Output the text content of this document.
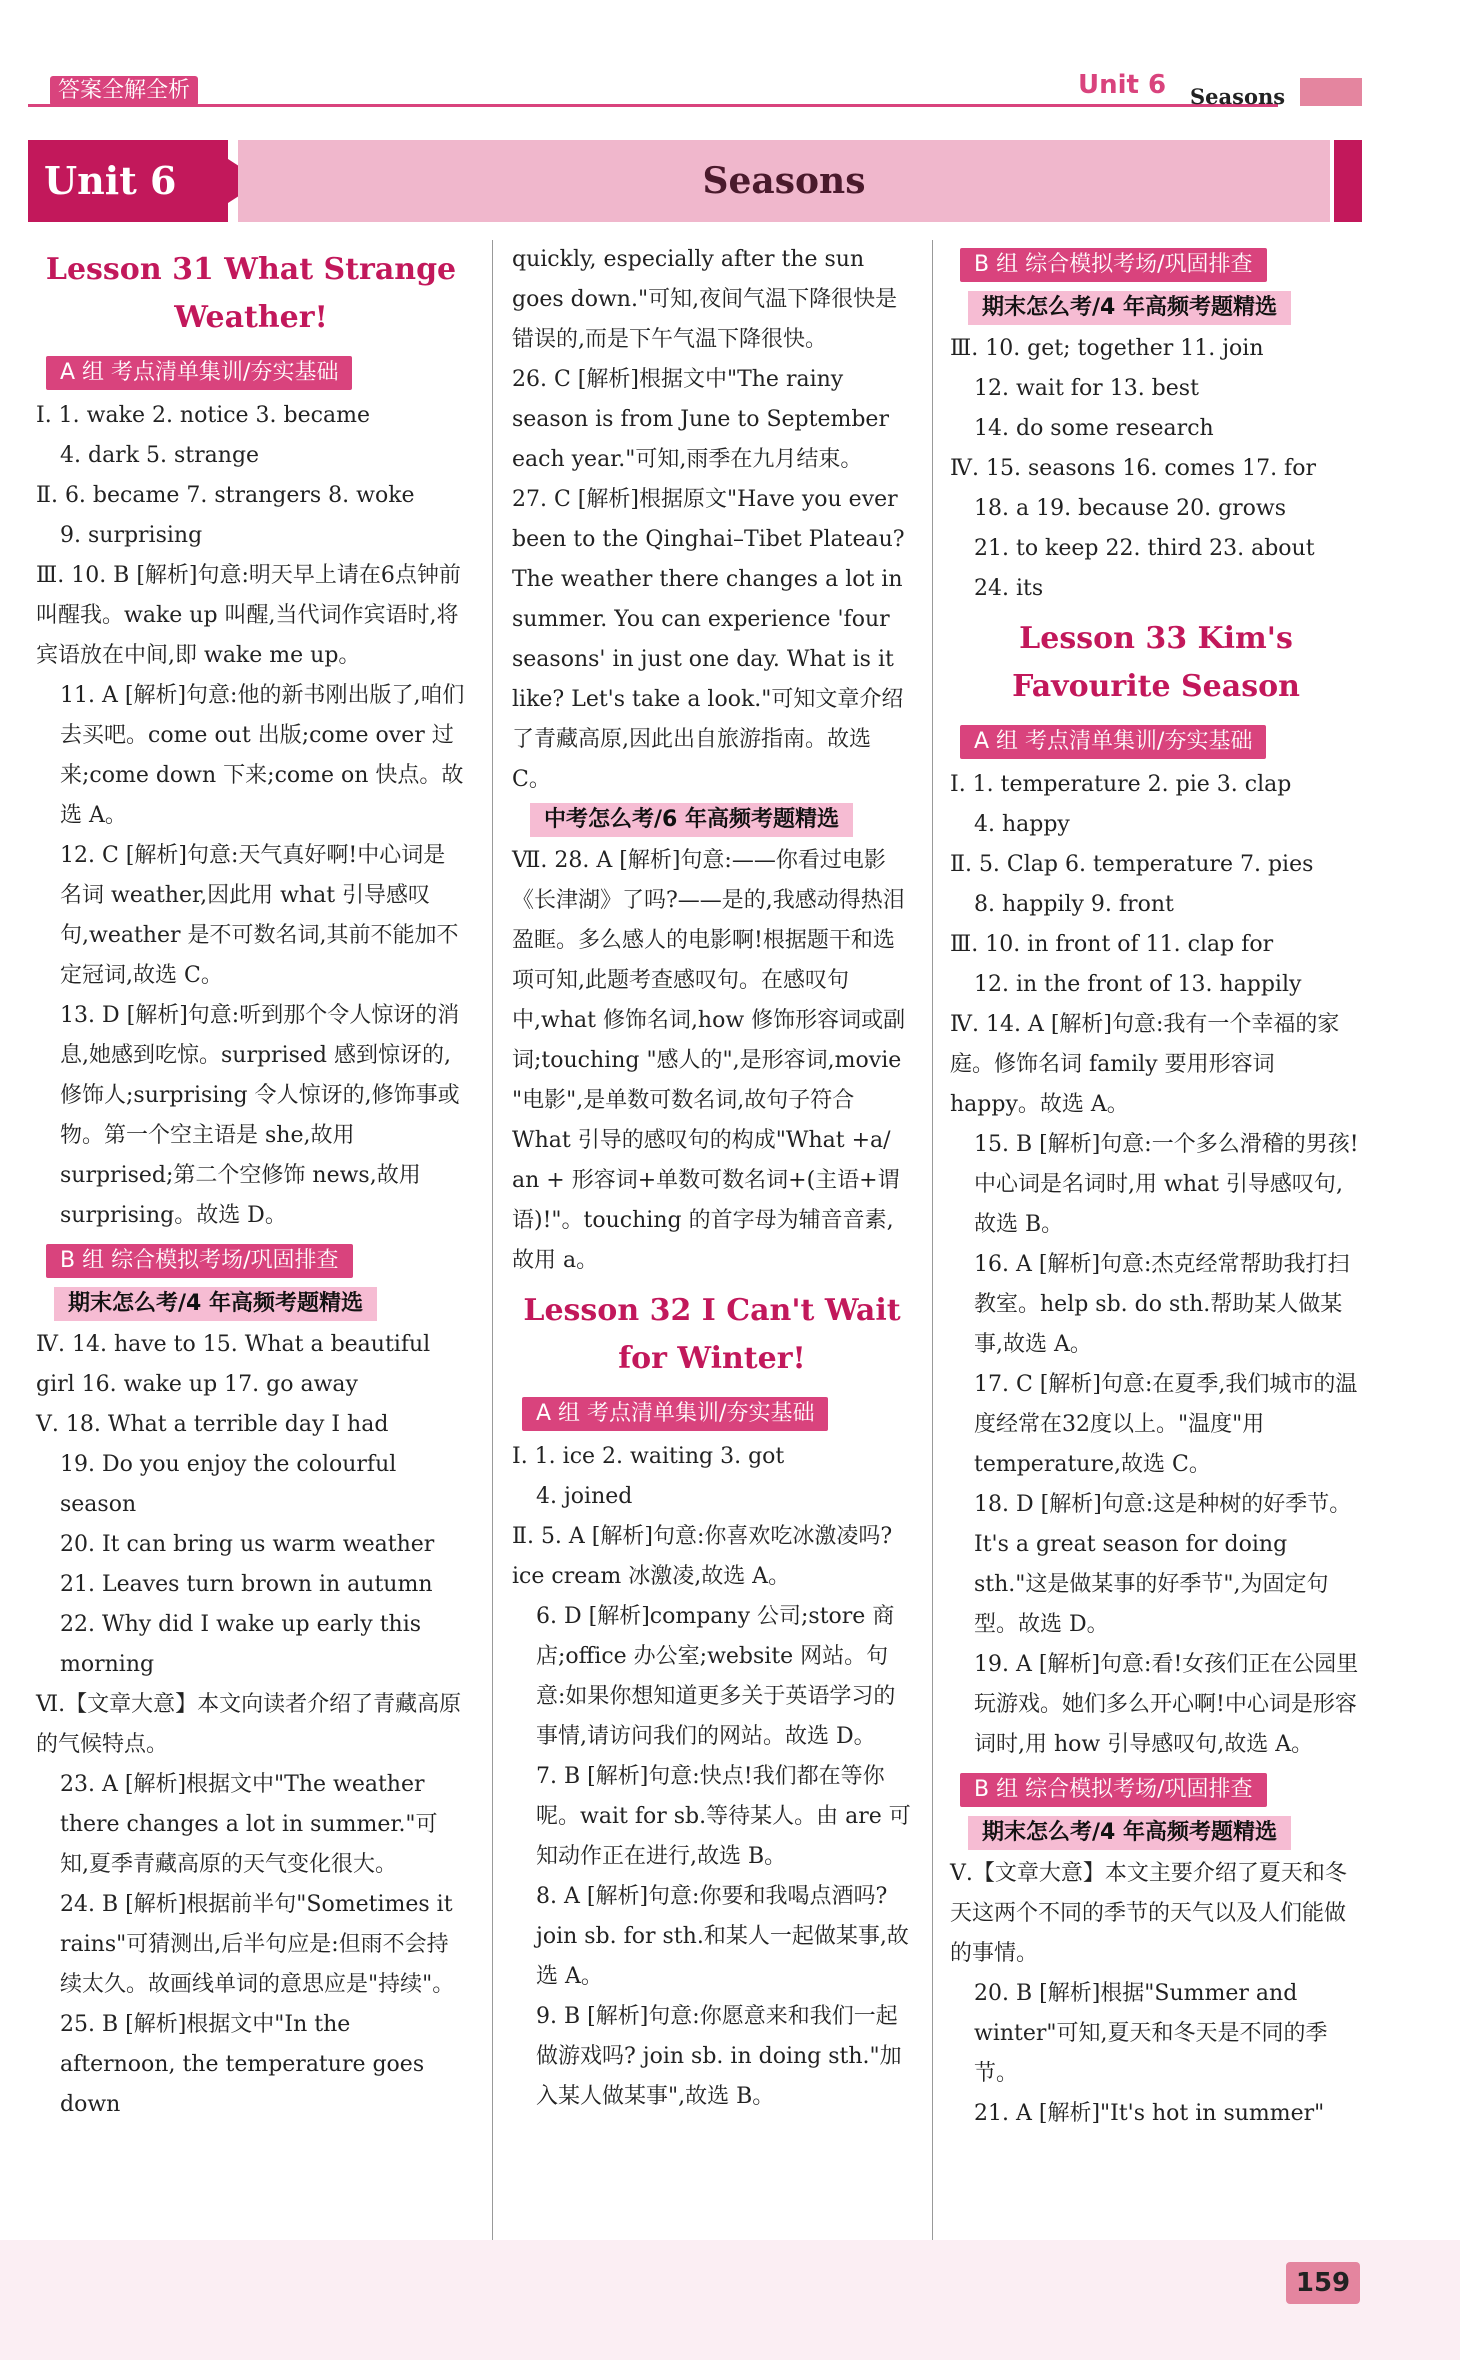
答案全解全析	Unit 6 Seasons
Unit 6	Seasons
Lesson 31 What Strange Weather!
A 组 考点清单集训/夯实基础
Ⅰ. 1. wake 2. notice 3. became
4. dark 5. strange
Ⅱ. 6. became 7. strangers 8. woke
9. surprising
Ⅲ. 10. B [解析]句意:明天早上请在6点钟前叫醒我。wake up 叫醒,当代词作宾语时,将宾语放在中间,即 wake me up。
11. A [解析]句意:他的新书刚出版了,咱们去买吧。come out 出版;come over 过来;come down 下来;come on 快点。故选 A。
12. C [解析]句意:天气真好啊!中心词是名词 weather,因此用 what 引导感叹句,weather 是不可数名词,其前不能加不定冠词,故选 C。
13. D [解析]句意:听到那个令人惊讶的消息,她感到吃惊。surprised 感到惊讶的,修饰人;surprising 令人惊讶的,修饰事或物。第一个空主语是 she,故用 surprised;第二个空修饰 news,故用 surprising。故选 D。
B 组 综合模拟考场/巩固排查
期末怎么考/4 年高频考题精选
Ⅳ. 14. have to 15. What a beautiful girl 16. wake up 17. go away
Ⅴ. 18. What a terrible day I had
19. Do you enjoy the colourful season
20. It can bring us warm weather
21. Leaves turn brown in autumn
22. Why did I wake up early this morning
Ⅵ.【文章大意】本文向读者介绍了青藏高原的气候特点。
23. A [解析]根据文中"The weather there changes a lot in summer."可知,夏季青藏高原的天气变化很大。
24. B [解析]根据前半句"Sometimes it rains"可猜测出,后半句应是:但雨不会持续太久。故画线单词的意思应是"持续"。
25. B [解析]根据文中"In the afternoon, the temperature goes down
quickly, especially after the sun goes down."可知,夜间气温下降很快是错误的,而是下午气温下降很快。
26. C [解析]根据文中"The rainy season is from June to September each year."可知,雨季在九月结束。
27. C [解析]根据原文"Have you ever been to the Qinghai–Tibet Plateau? The weather there changes a lot in summer. You can experience 'four seasons' in just one day. What is it like? Let's take a look."可知文章介绍了青藏高原,因此出自旅游指南。故选 C。
中考怎么考/6 年高频考题精选
Ⅶ. 28. A [解析]句意:——你看过电影《长津湖》了吗?——是的,我感动得热泪盈眶。多么感人的电影啊!根据题干和选项可知,此题考查感叹句。在感叹句中,what 修饰名词,how 修饰形容词或副词;touching "感人的",是形容词,movie "电影",是单数可数名词,故句子符合 What 引导的感叹句的构成"What +a/ an + 形容词+单数可数名词+(主语+谓语)!"。touching 的首字母为辅音音素,故用 a。
Lesson 32 I Can't Wait for Winter!
A 组 考点清单集训/夯实基础
Ⅰ. 1. ice 2. waiting 3. got
4. joined
Ⅱ. 5. A [解析]句意:你喜欢吃冰激凌吗? ice cream 冰激凌,故选 A。
6. D [解析]company 公司;store 商店;office 办公室;website 网站。句意:如果你想知道更多关于英语学习的事情,请访问我们的网站。故选 D。
7. B [解析]句意:快点!我们都在等你呢。wait for sb.等待某人。由 are 可知动作正在进行,故选 B。
8. A [解析]句意:你要和我喝点酒吗? join sb. for sth.和某人一起做某事,故选 A。
9. B [解析]句意:你愿意来和我们一起做游戏吗? join sb. in doing sth."加入某人做某事",故选 B。
B 组 综合模拟考场/巩固排查
期末怎么考/4 年高频考题精选
Ⅲ. 10. get; together 11. join
12. wait for 13. best
14. do some research
Ⅳ. 15. seasons 16. comes 17. for
18. a 19. because 20. grows
21. to keep 22. third 23. about
24. its
Lesson 33 Kim's Favourite Season
A 组 考点清单集训/夯实基础
Ⅰ. 1. temperature 2. pie 3. clap
4. happy
Ⅱ. 5. Clap 6. temperature 7. pies
8. happily 9. front
Ⅲ. 10. in front of 11. clap for
12. in the front of 13. happily
Ⅳ. 14. A [解析]句意:我有一个幸福的家庭。修饰名词 family 要用形容词 happy。故选 A。
15. B [解析]句意:一个多么滑稽的男孩!中心词是名词时,用 what 引导感叹句,故选 B。
16. A [解析]句意:杰克经常帮助我打扫教室。help sb. do sth.帮助某人做某事,故选 A。
17. C [解析]句意:在夏季,我们城市的温度经常在32度以上。"温度"用 temperature,故选 C。
18. D [解析]句意:这是种树的好季节。It's a great season for doing sth."这是做某事的好季节",为固定句型。故选 D。
19. A [解析]句意:看!女孩们正在公园里玩游戏。她们多么开心啊!中心词是形容词时,用 how 引导感叹句,故选 A。
B 组 综合模拟考场/巩固排查
期末怎么考/4 年高频考题精选
Ⅴ.【文章大意】本文主要介绍了夏天和冬天这两个不同的季节的天气以及人们能做的事情。
20. B [解析]根据"Summer and winter"可知,夏天和冬天是不同的季节。
21. A [解析]"It's hot in summer"
159
